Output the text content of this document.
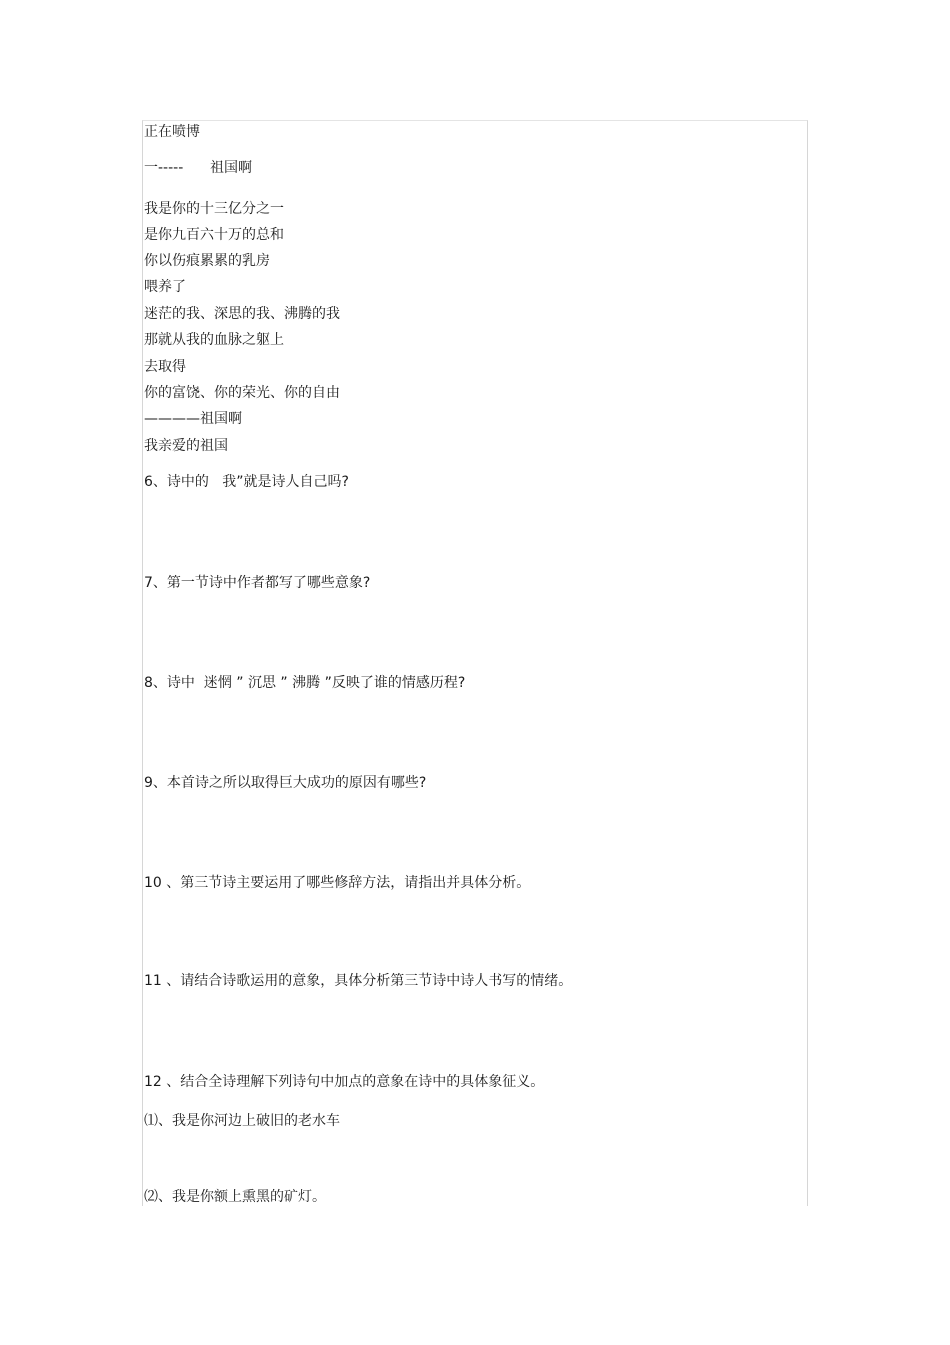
正在喷博
一-----      祖国啊
我是你的十三亿分之一
是你九百六十万的总和
你以伤痕累累的乳房
喂养了
迷茫的我、深思的我、沸腾的我
那就从我的血脉之躯上
去取得
你的富饶、你的荣光、你的自由
————祖国啊
我亲爱的祖国
6、诗中的   我”就是诗人自己吗?
7、第一节诗中作者都写了哪些意象?
8、诗中  迷惘 ” 沉思 ” 沸腾 ”反映了谁的情感历程?
9、本首诗之所以取得巨大成功的原因有哪些?
10 、第三节诗主要运用了哪些修辞方法，请指出并具体分析。
11 、请结合诗歌运用的意象，具体分析第三节诗中诗人书写的情绪。
12 、结合全诗理解下列诗句中加点的意象在诗中的具体象征义。
⑴、我是你河边上破旧的老水车
⑵、我是你额上熏黑的矿灯。
